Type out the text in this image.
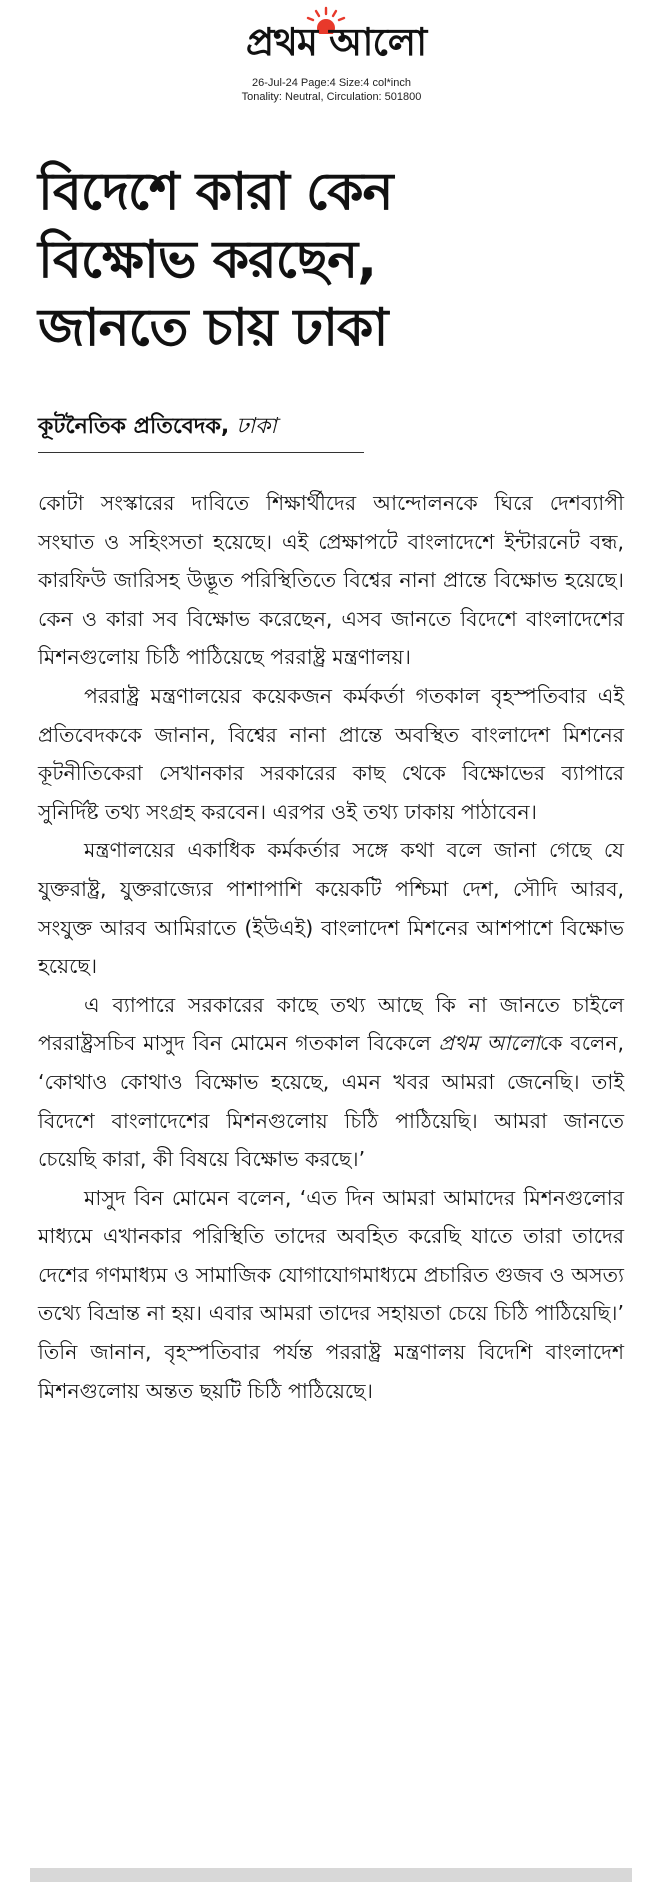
প্রথম আলো
26-Jul-24 Page:4 Size:4 col*inch
Tonality: Neutral, Circulation: 501800
বিদেশে কারা কেন
বিক্ষোভ করছেন,
জানতে চায় ঢাকা
কূটনৈতিক প্রতিবেদক, ঢাকা

কোটা সংস্কারের দাবিতে শিক্ষার্থীদের আন্দোলনকে ঘিরে দেশব্যাপী সংঘাত ও সহিংসতা হয়েছে। এই প্রেক্ষাপটে বাংলাদেশে ইন্টারনেট বন্ধ, কারফিউ জারিসহ উদ্ভূত পরিস্থিতিতে বিশ্বের নানা প্রান্তে বিক্ষোভ হয়েছে। কেন ও কারা সব বিক্ষোভ করেছেন, এসব জানতে বিদেশে বাংলাদেশের মিশনগুলোয় চিঠি পাঠিয়েছে পররাষ্ট্র মন্ত্রণালয়।

পররাষ্ট্র মন্ত্রণালয়ের কয়েকজন কর্মকর্তা গতকাল বৃহস্পতিবার এই প্রতিবেদককে জানান, বিশ্বের নানা প্রান্তে অবস্থিত বাংলাদেশ মিশনের কূটনীতিকেরা সেখানকার সরকারের কাছ থেকে বিক্ষোভের ব্যাপারে সুনির্দিষ্ট তথ্য সংগ্রহ করবেন। এরপর ওই তথ্য ঢাকায় পাঠাবেন।

মন্ত্রণালয়ের একাধিক কর্মকর্তার সঙ্গে কথা বলে জানা গেছে যে যুক্তরাষ্ট্র, যুক্তরাজ্যের পাশাপাশি কয়েকটি পশ্চিমা দেশ, সৌদি আরব, সংযুক্ত আরব আমিরাতে (ইউএই) বাংলাদেশ মিশনের আশপাশে বিক্ষোভ হয়েছে।

এ ব্যাপারে সরকারের কাছে তথ্য আছে কি না জানতে চাইলে পররাষ্ট্রসচিব মাসুদ বিন মোমেন গতকাল বিকেলে প্রথম আলোকে বলেন, ‘কোথাও কোথাও বিক্ষোভ হয়েছে, এমন খবর আমরা জেনেছি। তাই বিদেশে বাংলাদেশের মিশনগুলোয় চিঠি পাঠিয়েছি। আমরা জানতে চেয়েছি কারা, কী বিষয়ে বিক্ষোভ করছে।’

মাসুদ বিন মোমেন বলেন, ‘এত দিন আমরা আমাদের মিশনগুলোর মাধ্যমে এখানকার পরিস্থিতি তাদের অবহিত করেছি যাতে তারা তাদের দেশের গণমাধ্যম ও সামাজিক যোগাযোগমাধ্যমে প্রচারিত গুজব ও অসত্য তথ্যে বিভ্রান্ত না হয়। এবার আমরা তাদের সহায়তা চেয়ে চিঠি পাঠিয়েছি।’ তিনি জানান, বৃহস্পতিবার পর্যন্ত পররাষ্ট্র মন্ত্রণালয় বিদেশি বাংলাদেশ মিশনগুলোয় অন্তত ছয়টি চিঠি পাঠিয়েছে।
